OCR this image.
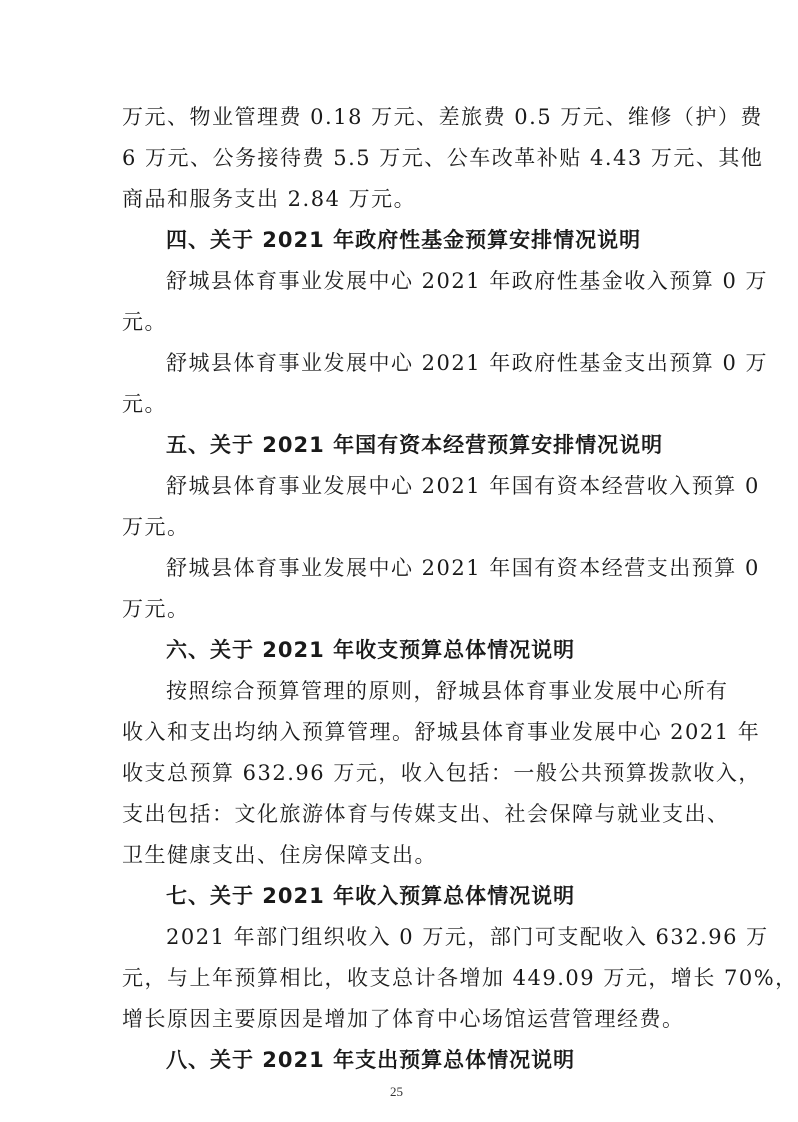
万元、物业管理费 0.18 万元、差旅费 0.5 万元、维修（护）费
6 万元、公务接待费 5.5 万元、公车改革补贴 4.43 万元、其他
商品和服务支出 2.84 万元。
四、关于 2021 年政府性基金预算安排情况说明
舒城县体育事业发展中心 2021 年政府性基金收入预算 0 万
元。
舒城县体育事业发展中心 2021 年政府性基金支出预算 0 万
元。
五、关于 2021 年国有资本经营预算安排情况说明
舒城县体育事业发展中心 2021 年国有资本经营收入预算 0
万元。
舒城县体育事业发展中心 2021 年国有资本经营支出预算 0
万元。
六、关于 2021 年收支预算总体情况说明
按照综合预算管理的原则，舒城县体育事业发展中心所有
收入和支出均纳入预算管理。舒城县体育事业发展中心 2021 年
收支总预算 632.96 万元，收入包括：一般公共预算拨款收入，
支出包括：文化旅游体育与传媒支出、社会保障与就业支出、
卫生健康支出、住房保障支出。
七、关于 2021 年收入预算总体情况说明
2021 年部门组织收入 0 万元，部门可支配收入 632.96 万
元，与上年预算相比，收支总计各增加 449.09 万元，增长 70%，
增长原因主要原因是增加了体育中心场馆运营管理经费。
八、关于 2021 年支出预算总体情况说明
25
